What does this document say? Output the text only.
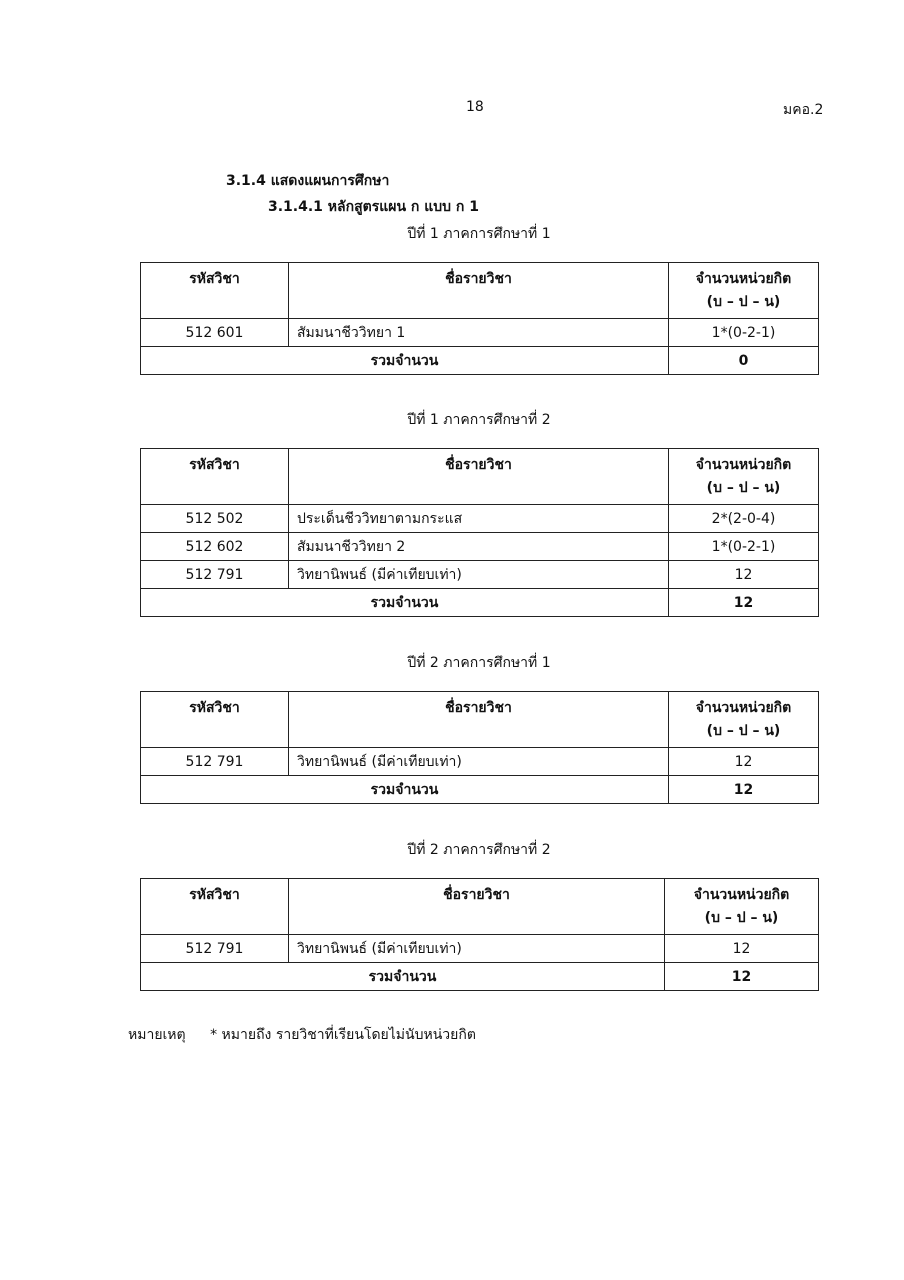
18	มคอ.2
3.1.4 แสดงแผนการศึกษา
3.1.4.1 หลักสูตรแผน ก แบบ ก 1
ปีที่ 1 ภาคการศึกษาที่ 1
รหัสวิชา	ชื่อรายวิชา	จำนวนหน่วยกิต
(บ – ป – น)

512 601	สัมมนาชีววิทยา 1	1*(0-2-1)
รวมจำนวน		0
ปีที่ 1 ภาคการศึกษาที่ 2
รหัสวิชา	ชื่อรายวิชา	จำนวนหน่วยกิต
(บ – ป – น)

512 502	ประเด็นชีววิทยาตามกระแส	2*(2-0-4)
512 602	สัมมนาชีววิทยา 2	1*(0-2-1)
512 791	วิทยานิพนธ์ (มีค่าเทียบเท่า)	12
รวมจำนวน		12
ปีที่ 2 ภาคการศึกษาที่ 1
รหัสวิชา	ชื่อรายวิชา	จำนวนหน่วยกิต
(บ – ป – น)

512 791	วิทยานิพนธ์ (มีค่าเทียบเท่า)	12
รวมจำนวน		12
ปีที่ 2 ภาคการศึกษาที่ 2
รหัสวิชา	ชื่อรายวิชา	จำนวนหน่วยกิต
(บ – ป – น)

512 791	วิทยานิพนธ์ (มีค่าเทียบเท่า)	12
รวมจำนวน		12
หมายเหตุ * หมายถึง รายวิชาที่เรียนโดยไม่นับหน่วยกิต
